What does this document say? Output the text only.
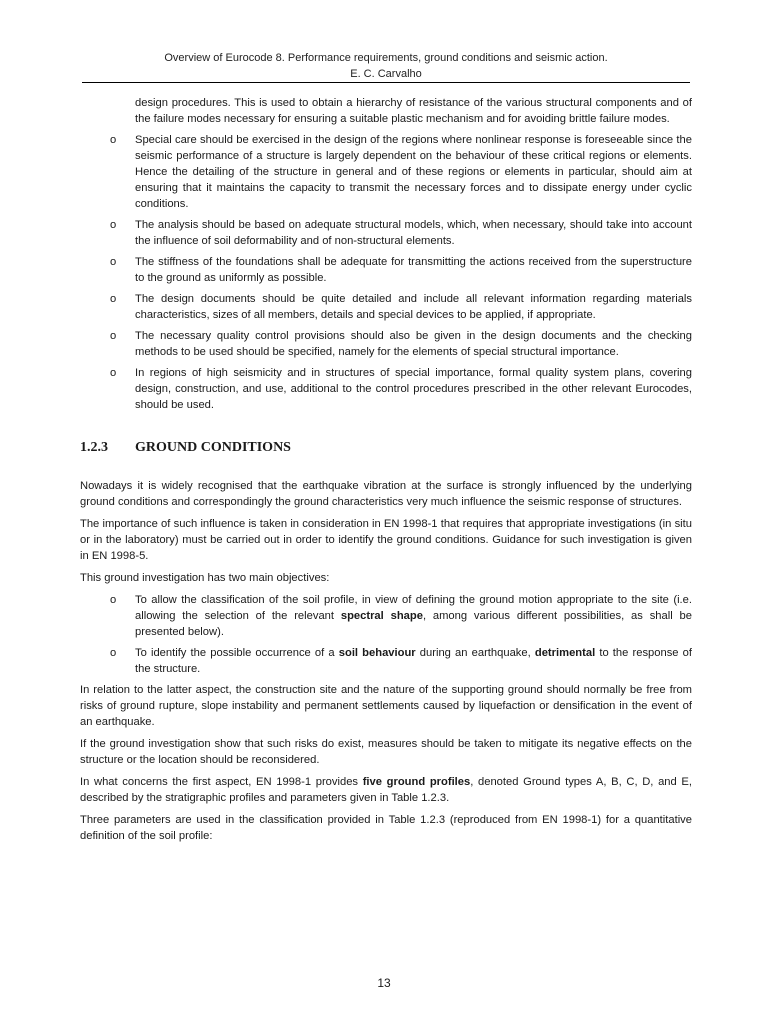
Overview of Eurocode 8. Performance requirements, ground conditions and seismic action.
E. C. Carvalho
design procedures. This is used to obtain a hierarchy of resistance of the various structural components and of the failure modes necessary for ensuring a suitable plastic mechanism and for avoiding brittle failure modes.
o Special care should be exercised in the design of the regions where nonlinear response is foreseeable since the seismic performance of a structure is largely dependent on the behaviour of these critical regions or elements. Hence the detailing of the structure in general and of these regions or elements in particular, should aim at ensuring that it maintains the capacity to transmit the necessary forces and to dissipate energy under cyclic conditions.
o The analysis should be based on adequate structural models, which, when necessary, should take into account the influence of soil deformability and of non-structural elements.
o The stiffness of the foundations shall be adequate for transmitting the actions received from the superstructure to the ground as uniformly as possible.
o The design documents should be quite detailed and include all relevant information regarding materials characteristics, sizes of all members, details and special devices to be applied, if appropriate.
o The necessary quality control provisions should also be given in the design documents and the checking methods to be used should be specified, namely for the elements of special structural importance.
o In regions of high seismicity and in structures of special importance, formal quality system plans, covering design, construction, and use, additional to the control procedures prescribed in the other relevant Eurocodes, should be used.
1.2.3 GROUND CONDITIONS

Nowadays it is widely recognised that the earthquake vibration at the surface is strongly influenced by the underlying ground conditions and correspondingly the ground characteristics very much influence the seismic response of structures.

The importance of such influence is taken in consideration in EN 1998-1 that requires that appropriate investigations (in situ or in the laboratory) must be carried out in order to identify the ground conditions. Guidance for such investigation is given in EN 1998-5.

This ground investigation has two main objectives:

o To allow the classification of the soil profile, in view of defining the ground motion appropriate to the site (i.e. allowing the selection of the relevant spectral shape, among various different possibilities, as shall be presented below).
o To identify the possible occurrence of a soil behaviour during an earthquake, detrimental to the response of the structure.

In relation to the latter aspect, the construction site and the nature of the supporting ground should normally be free from risks of ground rupture, slope instability and permanent settlements caused by liquefaction or densification in the event of an earthquake.

If the ground investigation show that such risks do exist, measures should be taken to mitigate its negative effects on the structure or the location should be reconsidered.

In what concerns the first aspect, EN 1998-1 provides five ground profiles, denoted Ground types A, B, C, D, and E, described by the stratigraphic profiles and parameters given in Table 1.2.3.

Three parameters are used in the classification provided in Table 1.2.3 (reproduced from EN 1998-1) for a quantitative definition of the soil profile:

13
